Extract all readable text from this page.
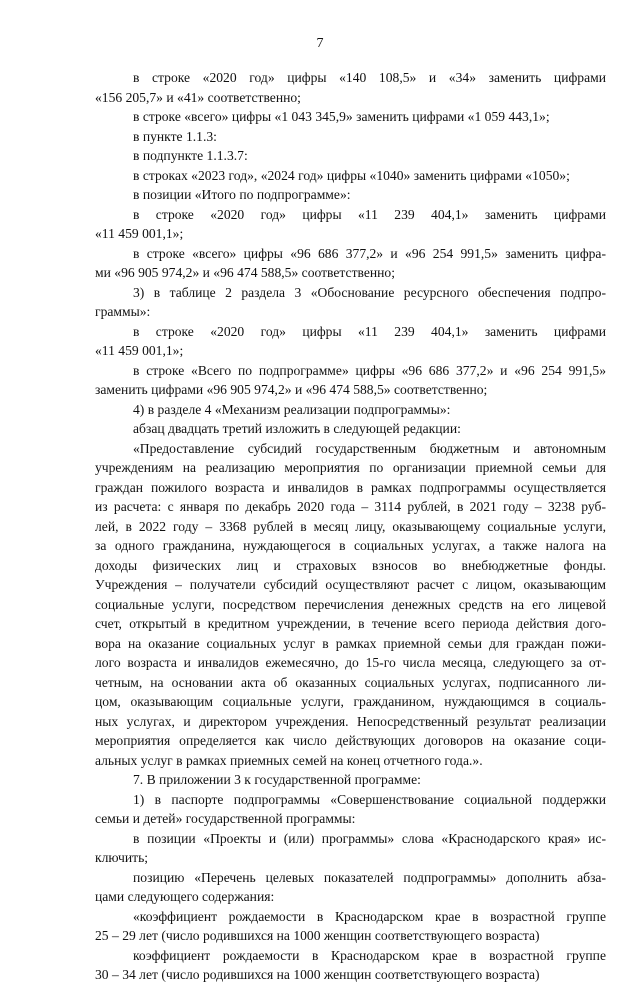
7
в строке «2020 год» цифры «140 108,5» и «34» заменить цифрами
«156 205,7» и «41» соответственно;
в строке «всего» цифры «1 043 345,9» заменить цифрами «1 059 443,1»;
в пункте 1.1.3:
в подпункте 1.1.3.7:
в строках «2023 год», «2024 год» цифры «1040» заменить цифрами «1050»;
в позиции «Итого по подпрограмме»:
в строке «2020 год» цифры «11 239 404,1» заменить цифрами
«11 459 001,1»;
в строке «всего» цифры «96 686 377,2» и «96 254 991,5» заменить цифра-
ми «96 905 974,2» и «96 474 588,5» соответственно;
3) в таблице 2 раздела 3 «Обоснование ресурсного обеспечения подпро-
граммы»:
в строке «2020 год» цифры «11 239 404,1» заменить цифрами
«11 459 001,1»;
в строке «Всего по подпрограмме» цифры «96 686 377,2» и «96 254 991,5»
заменить цифрами «96 905 974,2» и «96 474 588,5» соответственно;
4) в разделе 4 «Механизм реализации подпрограммы»:
абзац двадцать третий изложить в следующей редакции:
«Предоставление субсидий государственным бюджетным и автономным
учреждениям на реализацию мероприятия по организации приемной семьи для
граждан пожилого возраста и инвалидов в рамках подпрограммы осуществляется
из расчета: с января по декабрь 2020 года – 3114 рублей, в 2021 году – 3238 руб-
лей, в 2022 году – 3368 рублей в месяц лицу, оказывающему социальные услуги,
за одного гражданина, нуждающегося в социальных услугах, а также налога на
доходы физических лиц и страховых взносов во внебюджетные фонды.
Учреждения – получатели субсидий осуществляют расчет с лицом, оказывающим
социальные услуги, посредством перечисления денежных средств на его лицевой
счет, открытый в кредитном учреждении, в течение всего периода действия дого-
вора на оказание социальных услуг в рамках приемной семьи для граждан пожи-
лого возраста и инвалидов ежемесячно, до 15-го числа месяца, следующего за от-
четным, на основании акта об оказанных социальных услугах, подписанного ли-
цом, оказывающим социальные услуги, гражданином, нуждающимся в социаль-
ных услугах, и директором учреждения. Непосредственный результат реализации
мероприятия определяется как число действующих договоров на оказание соци-
альных услуг в рамках приемных семей на конец отчетного года.».
7. В приложении 3 к государственной программе:
1) в паспорте подпрограммы «Совершенствование социальной поддержки
семьи и детей» государственной программы:
в позиции «Проекты и (или) программы» слова «Краснодарского края» ис-
ключить;
позицию «Перечень целевых показателей подпрограммы» дополнить абза-
цами следующего содержания:
«коэффициент рождаемости в Краснодарском крае в возрастной группе
25 – 29 лет (число родившихся на 1000 женщин соответствующего возраста)
коэффициент рождаемости в Краснодарском крае в возрастной группе
30 – 34 лет (число родившихся на 1000 женщин соответствующего возраста)
